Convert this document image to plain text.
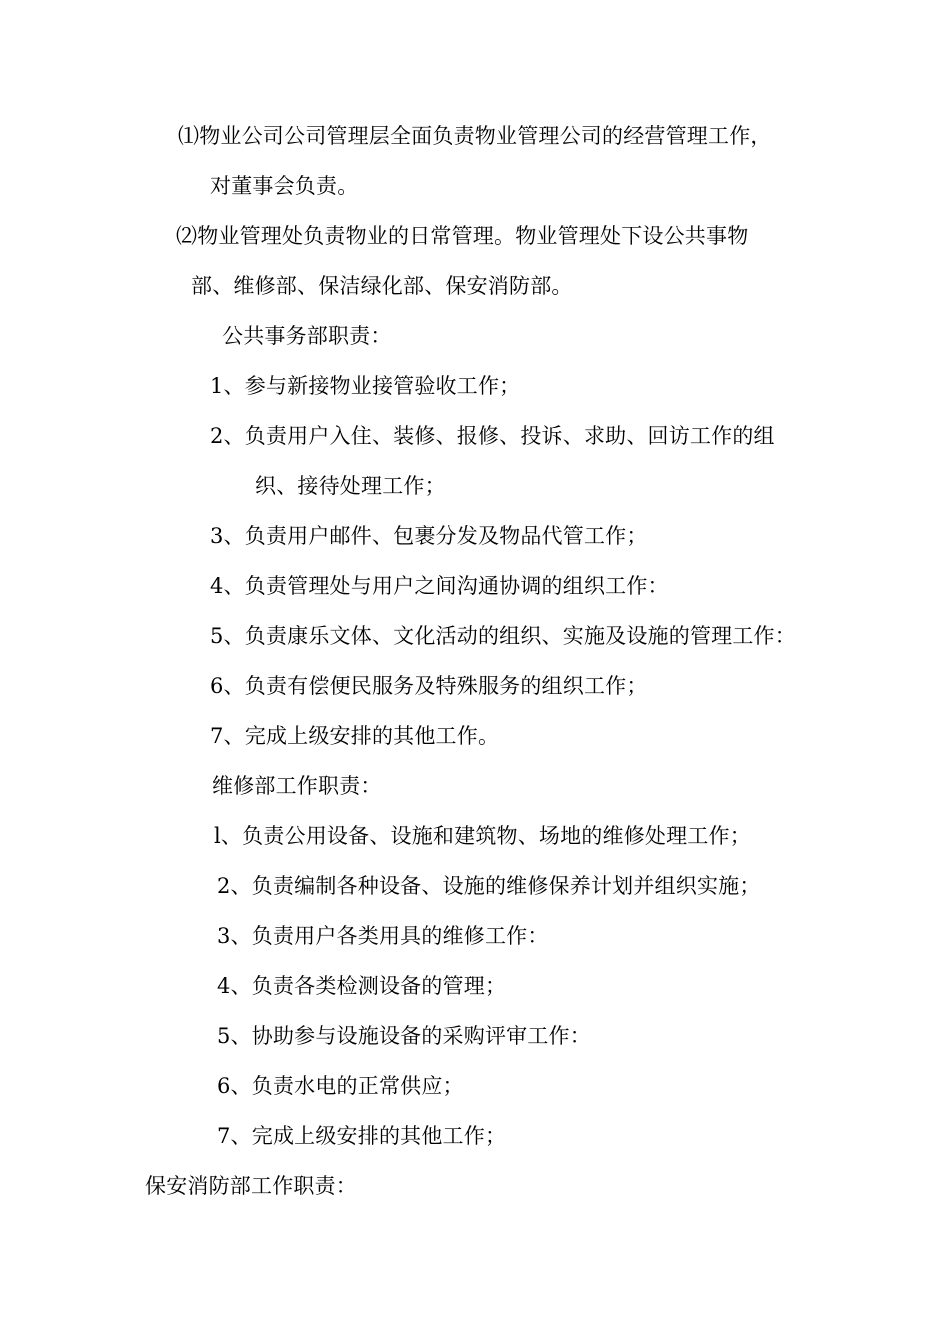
⑴物业公司公司管理层全面负责物业管理公司的经营管理工作，
对董事会负责。
⑵物业管理处负责物业的日常管理。物业管理处下设公共事物
部、维修部、保洁绿化部、保安消防部。
公共事务部职责：
1、参与新接物业接管验收工作；
2、负责用户入住、装修、报修、投诉、求助、回访工作的组
织、接待处理工作；
3、负责用户邮件、包裹分发及物品代管工作；
4、负责管理处与用户之间沟通协调的组织工作：
5、负责康乐文体、文化活动的组织、实施及设施的管理工作：
6、负责有偿便民服务及特殊服务的组织工作；
7、完成上级安排的其他工作。
维修部工作职责：
l、负责公用设备、设施和建筑物、场地的维修处理工作；
2、负责编制各种设备、设施的维修保养计划并组织实施；
3、负责用户各类用具的维修工作：
4、负责各类检测设备的管理；
5、协助参与设施设备的采购评审工作：
6、负责水电的正常供应；
7、完成上级安排的其他工作；
保安消防部工作职责：
